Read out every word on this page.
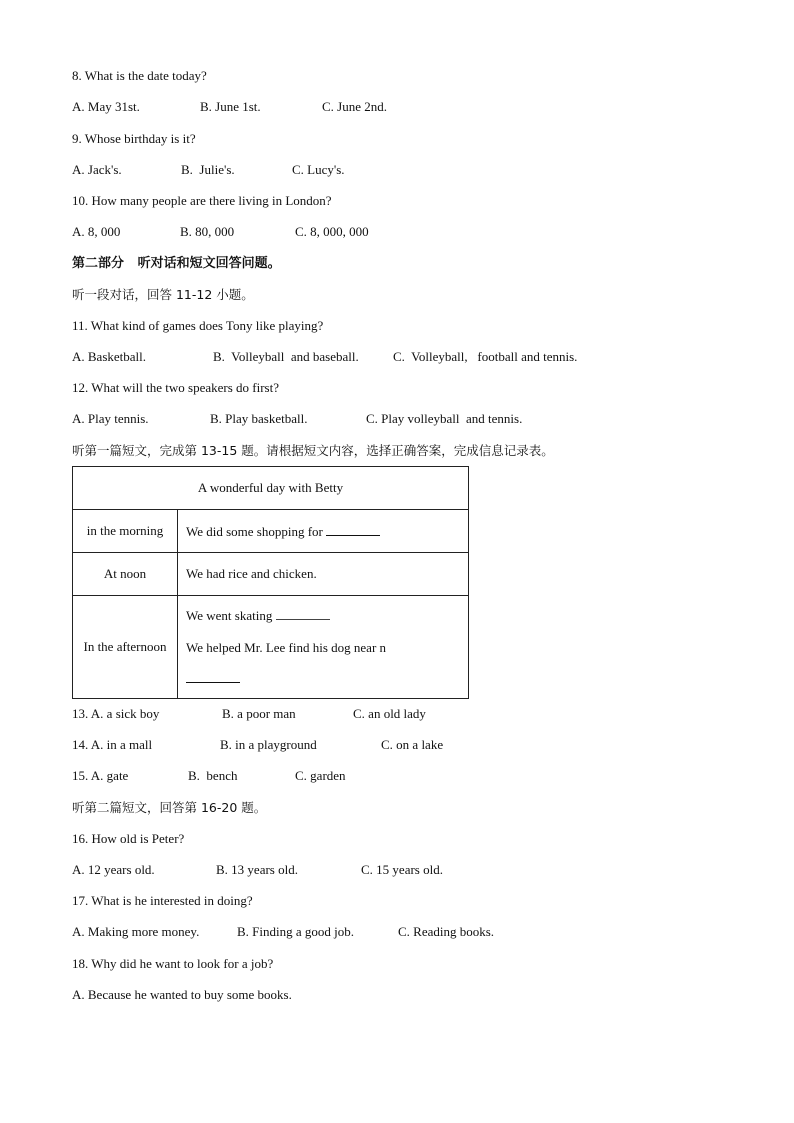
8. What is the date today?
A. May 31st.	B. June 1st.	C. June 2nd.
9. Whose birthday is it?
A. Jack's.	B.  Julie's.	C. Lucy's.
10. How many people are there living in London?
A. 8, 000	B. 80, 000	C. 8, 000, 000
第二部分   听对话和短文回答问题。
听一段对话，回答 11-12 小题。
11. What kind of games does Tony like playing?
A. Basketball.	B.  Volleyball  and baseball.	C.  Volleyball,   football and tennis.
12. What will the two speakers do first?
A. Play tennis.	B. Play basketball.	C. Play volleyball  and tennis.
听第一篇短文，完成第 13-15 题。请根据短文内容，选择正确答案，完成信息记录表。
A wonderful day with Betty	
in the morning	We did some shopping for
At noon	We had rice and chicken.
In the afternoon	We went skating
We helped Mr. Lee find his dog near n
13. A. a sick boy	B. a poor man	C. an old lady
14. A. in a mall	B. in a playground	C. on a lake
15. A. gate	B.  bench	C. garden
听第二篇短文，回答第 16-20 题。
16. How old is Peter?
A. 12 years old.	B. 13 years old.	C. 15 years old.
17. What is he interested in doing?
A. Making more money.	B. Finding a good job.	C. Reading books.
18. Why did he want to look for a job?
A. Because he wanted to buy some books.
